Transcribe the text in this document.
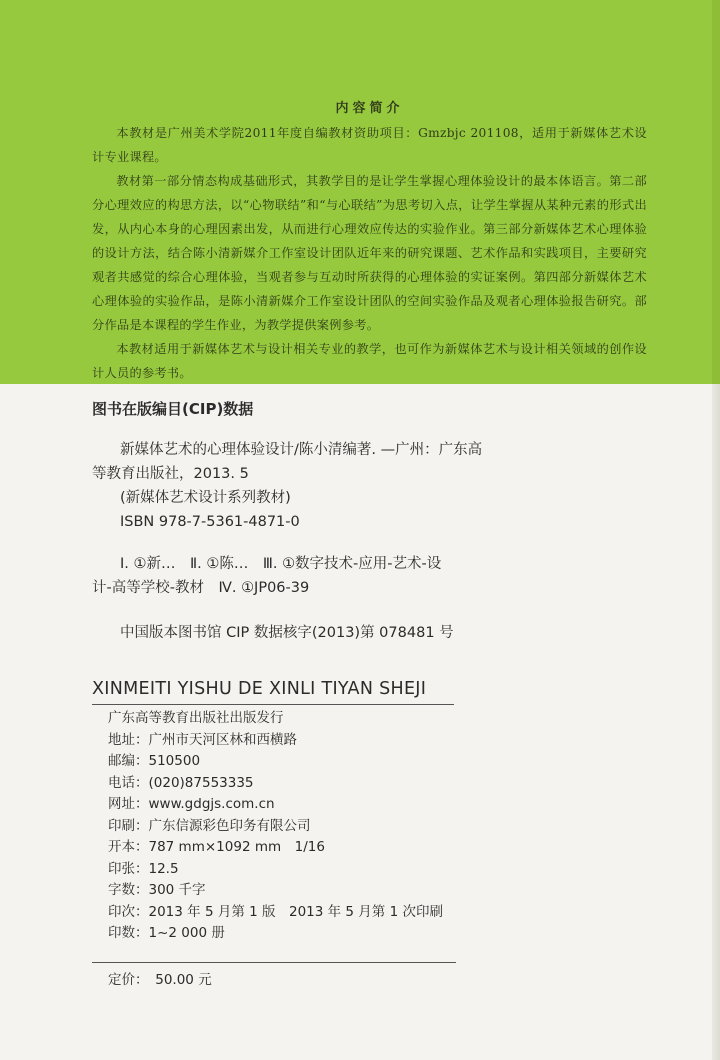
内容简介

本教材是广州美术学院2011年度自编教材资助项目：Gmzbjc 201108，适用于新媒体艺术设计专业课程。

教材第一部分情态构成基础形式，其教学目的是让学生掌握心理体验设计的最本体语言。第二部分心理效应的构思方法，以“心物联结”和“与心联结”为思考切入点，让学生掌握从某种元素的形式出发，从内心本身的心理因素出发，从而进行心理效应传达的实验作业。第三部分新媒体艺术心理体验的设计方法，结合陈小清新媒介工作室设计团队近年来的研究课题、艺术作品和实践项目，主要研究观者共感觉的综合心理体验，当观者参与互动时所获得的心理体验的实证案例。第四部分新媒体艺术心理体验的实验作品，是陈小清新媒介工作室设计团队的空间实验作品及观者心理体验报告研究。部分作品是本课程的学生作业，为教学提供案例参考。

本教材适用于新媒体艺术与设计相关专业的教学，也可作为新媒体艺术与设计相关领域的创作设计人员的参考书。

图书在版编目(CIP)数据
新媒体艺术的心理体验设计/陈小清编著. —广州：广东高
等教育出版社，2013. 5
(新媒体艺术设计系列教材)
ISBN 978-7-5361-4871-0
Ⅰ. ①新…　Ⅱ. ①陈…　Ⅲ. ①数字技术-应用-艺术-设
计-高等学校-教材　Ⅳ. ①JP06-39
中国版本图书馆 CIP 数据核字(2013)第 078481 号
XINMEITI YISHU DE XINLI TIYAN SHEJI
广东高等教育出版社出版发行
地址：广州市天河区林和西横路
邮编：510500
电话：(020)87553335
网址：www.gdgjs.com.cn
印刷：广东信源彩色印务有限公司
开本：787 mm×1092 mm　1/16
印张：12.5
字数：300 千字
印次：2013 年 5 月第 1 版　2013 年 5 月第 1 次印刷
印数：1~2 000 册
定价：　50.00 元
